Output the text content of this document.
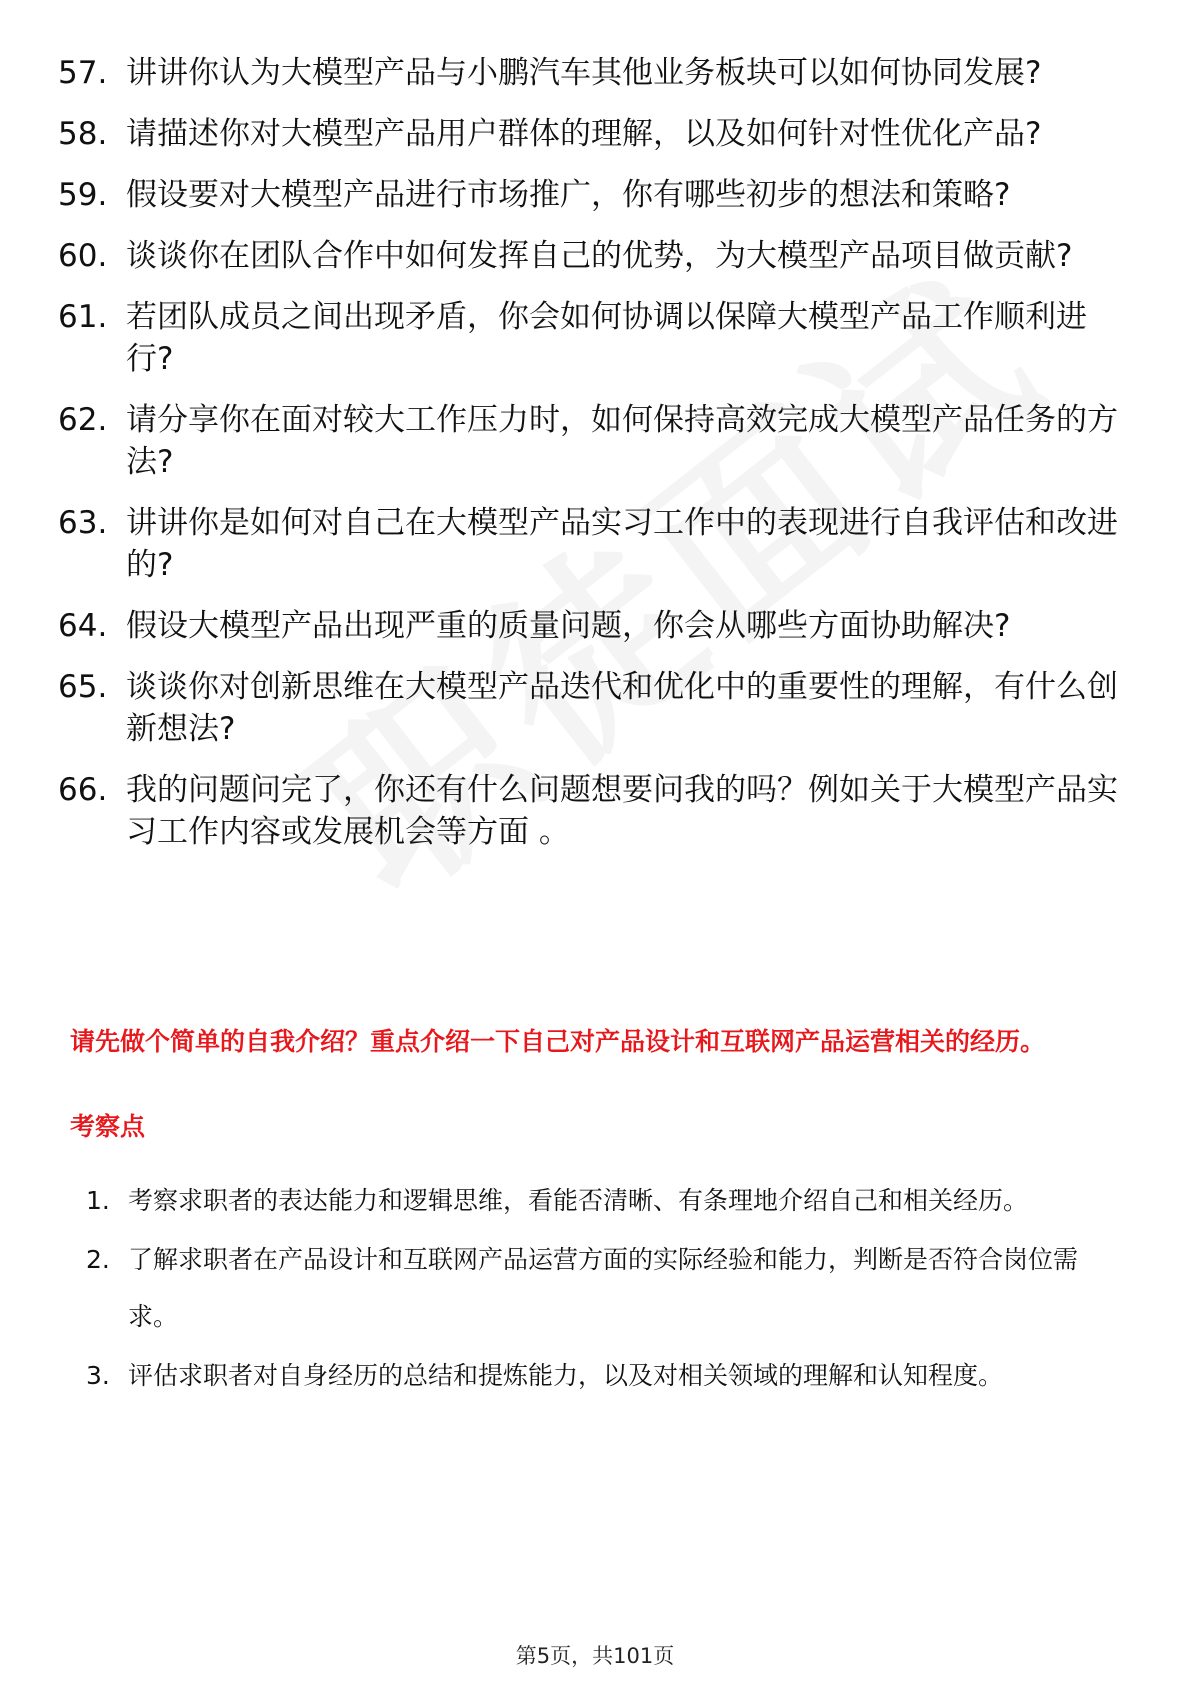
57. 讲讲你认为大模型产品与小鹏汽车其他业务板块可以如何协同发展?
58. 请描述你对大模型产品用户群体的理解，以及如何针对性优化产品?
59. 假设要对大模型产品进行市场推广，你有哪些初步的想法和策略?
60. 谈谈你在团队合作中如何发挥自己的优势，为大模型产品项目做贡献?
61. 若团队成员之间出现矛盾，你会如何协调以保障大模型产品工作顺利进行?
62. 请分享你在面对较大工作压力时，如何保持高效完成大模型产品任务的方法?
63. 讲讲你是如何对自己在大模型产品实习工作中的表现进行自我评估和改进的?
64. 假设大模型产品出现严重的质量问题，你会从哪些方面协助解决?
65. 谈谈你对创新思维在大模型产品迭代和优化中的重要性的理解，有什么创新想法?
66. 我的问题问完了，你还有什么问题想要问我的吗？例如关于大模型产品实习工作内容或发展机会等方面 。

请先做个简单的自我介绍？重点介绍一下自己对产品设计和互联网产品运营相关的经历。

考察点

1. 考察求职者的表达能力和逻辑思维，看能否清晰、有条理地介绍自己和相关经历。
2. 了解求职者在产品设计和互联网产品运营方面的实际经验和能力，判断是否符合岗位需求。
3. 评估求职者对自身经历的总结和提炼能力，以及对相关领域的理解和认知程度。
第5页，共101页
